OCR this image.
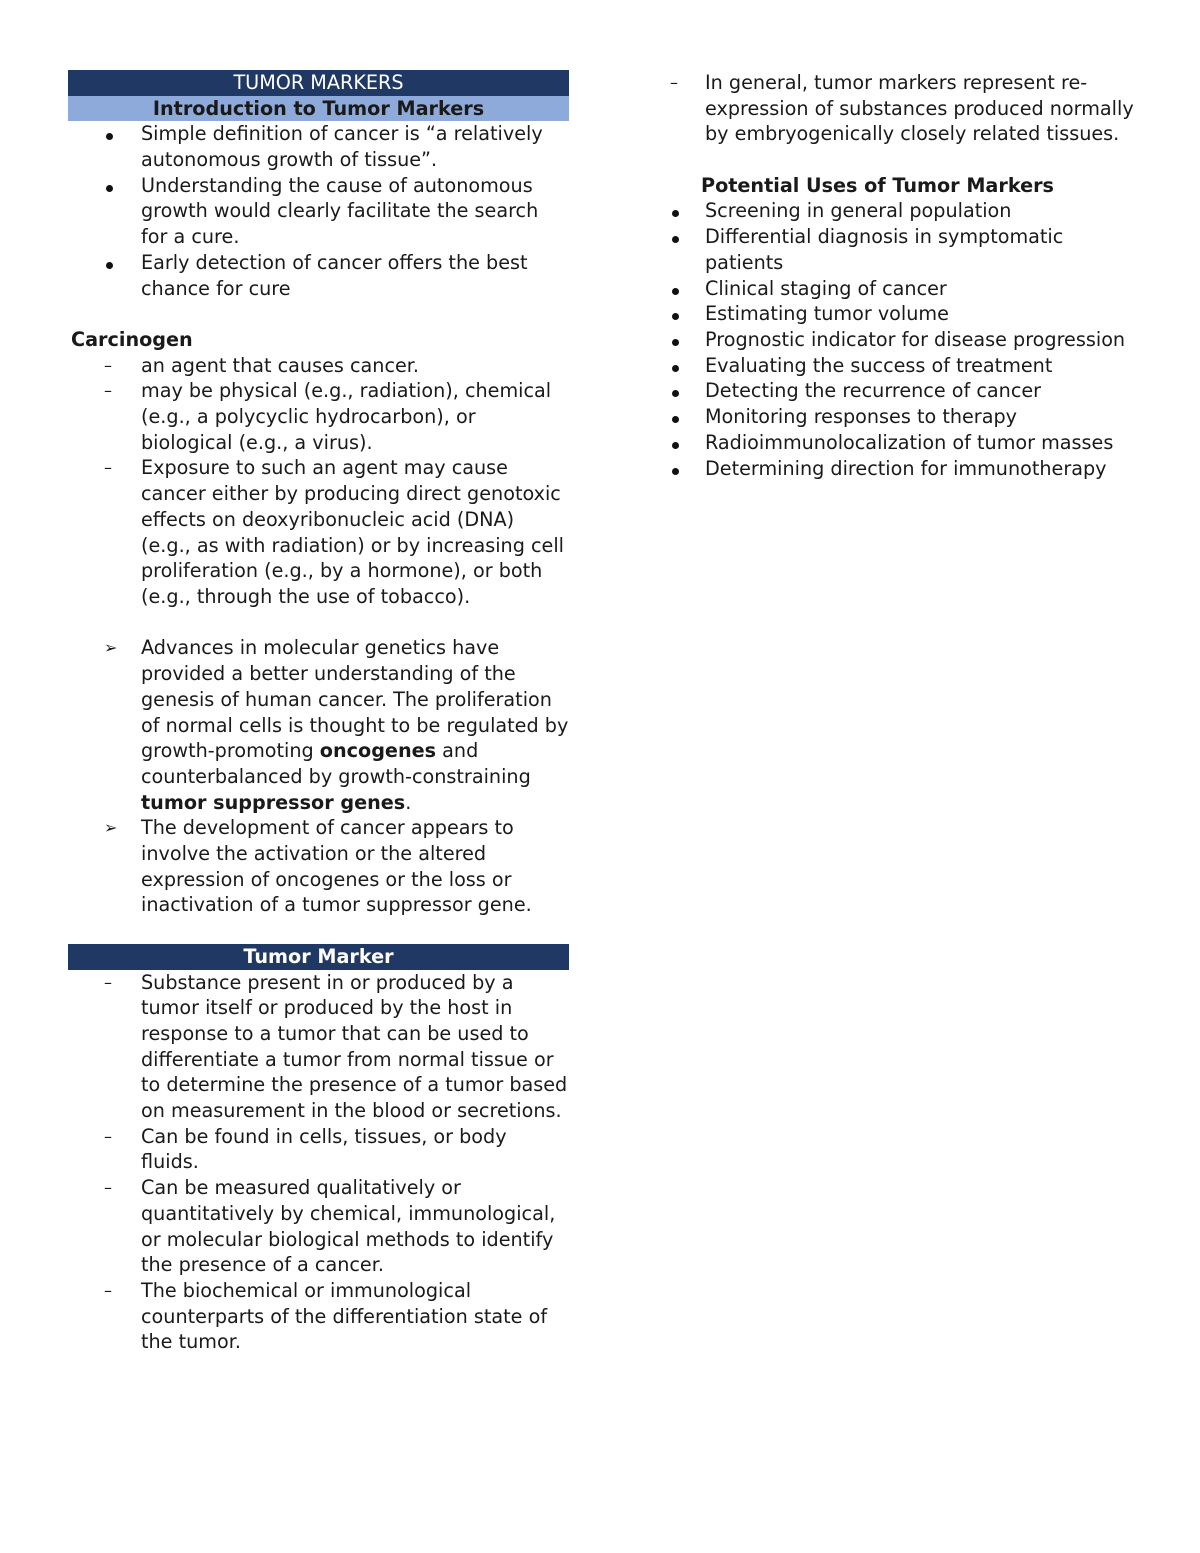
TUMOR MARKERS
Introduction to Tumor Markers
Simple definition of cancer is “a relatively autonomous growth of tissue”.
Understanding the cause of autonomous growth would clearly facilitate the search for a cure.
Early detection of cancer offers the best chance for cure
Carcinogen
– an agent that causes cancer.
– may be physical (e.g., radiation), chemical (e.g., a polycyclic hydrocarbon), or biological (e.g., a virus).
– Exposure to such an agent may cause cancer either by producing direct genotoxic effects on deoxyribonucleic acid (DNA) (e.g., as with radiation) or by increasing cell proliferation (e.g., by a hormone), or both (e.g., through the use of tobacco).
➢ Advances in molecular genetics have provided a better understanding of the genesis of human cancer. The proliferation of normal cells is thought to be regulated by growth-promoting oncogenes and counterbalanced by growth-constraining tumor suppressor genes.
➢ The development of cancer appears to involve the activation or the altered expression of oncogenes or the loss or inactivation of a tumor suppressor gene.
Tumor Marker
– Substance present in or produced by a tumor itself or produced by the host in response to a tumor that can be used to differentiate a tumor from normal tissue or to determine the presence of a tumor based on measurement in the blood or secretions.
– Can be found in cells, tissues, or body fluids.
– Can be measured qualitatively or quantitatively by chemical, immunological, or molecular biological methods to identify the presence of a cancer.
– The biochemical or immunological counterparts of the differentiation state of the tumor.
– In general, tumor markers represent re-expression of substances produced normally by embryogenically closely related tissues.
Potential Uses of Tumor Markers
Screening in general population
Differential diagnosis in symptomatic patients
Clinical staging of cancer
Estimating tumor volume
Prognostic indicator for disease progression
Evaluating the success of treatment
Detecting the recurrence of cancer
Monitoring responses to therapy
Radioimmunolocalization of tumor masses
Determining direction for immunotherapy
